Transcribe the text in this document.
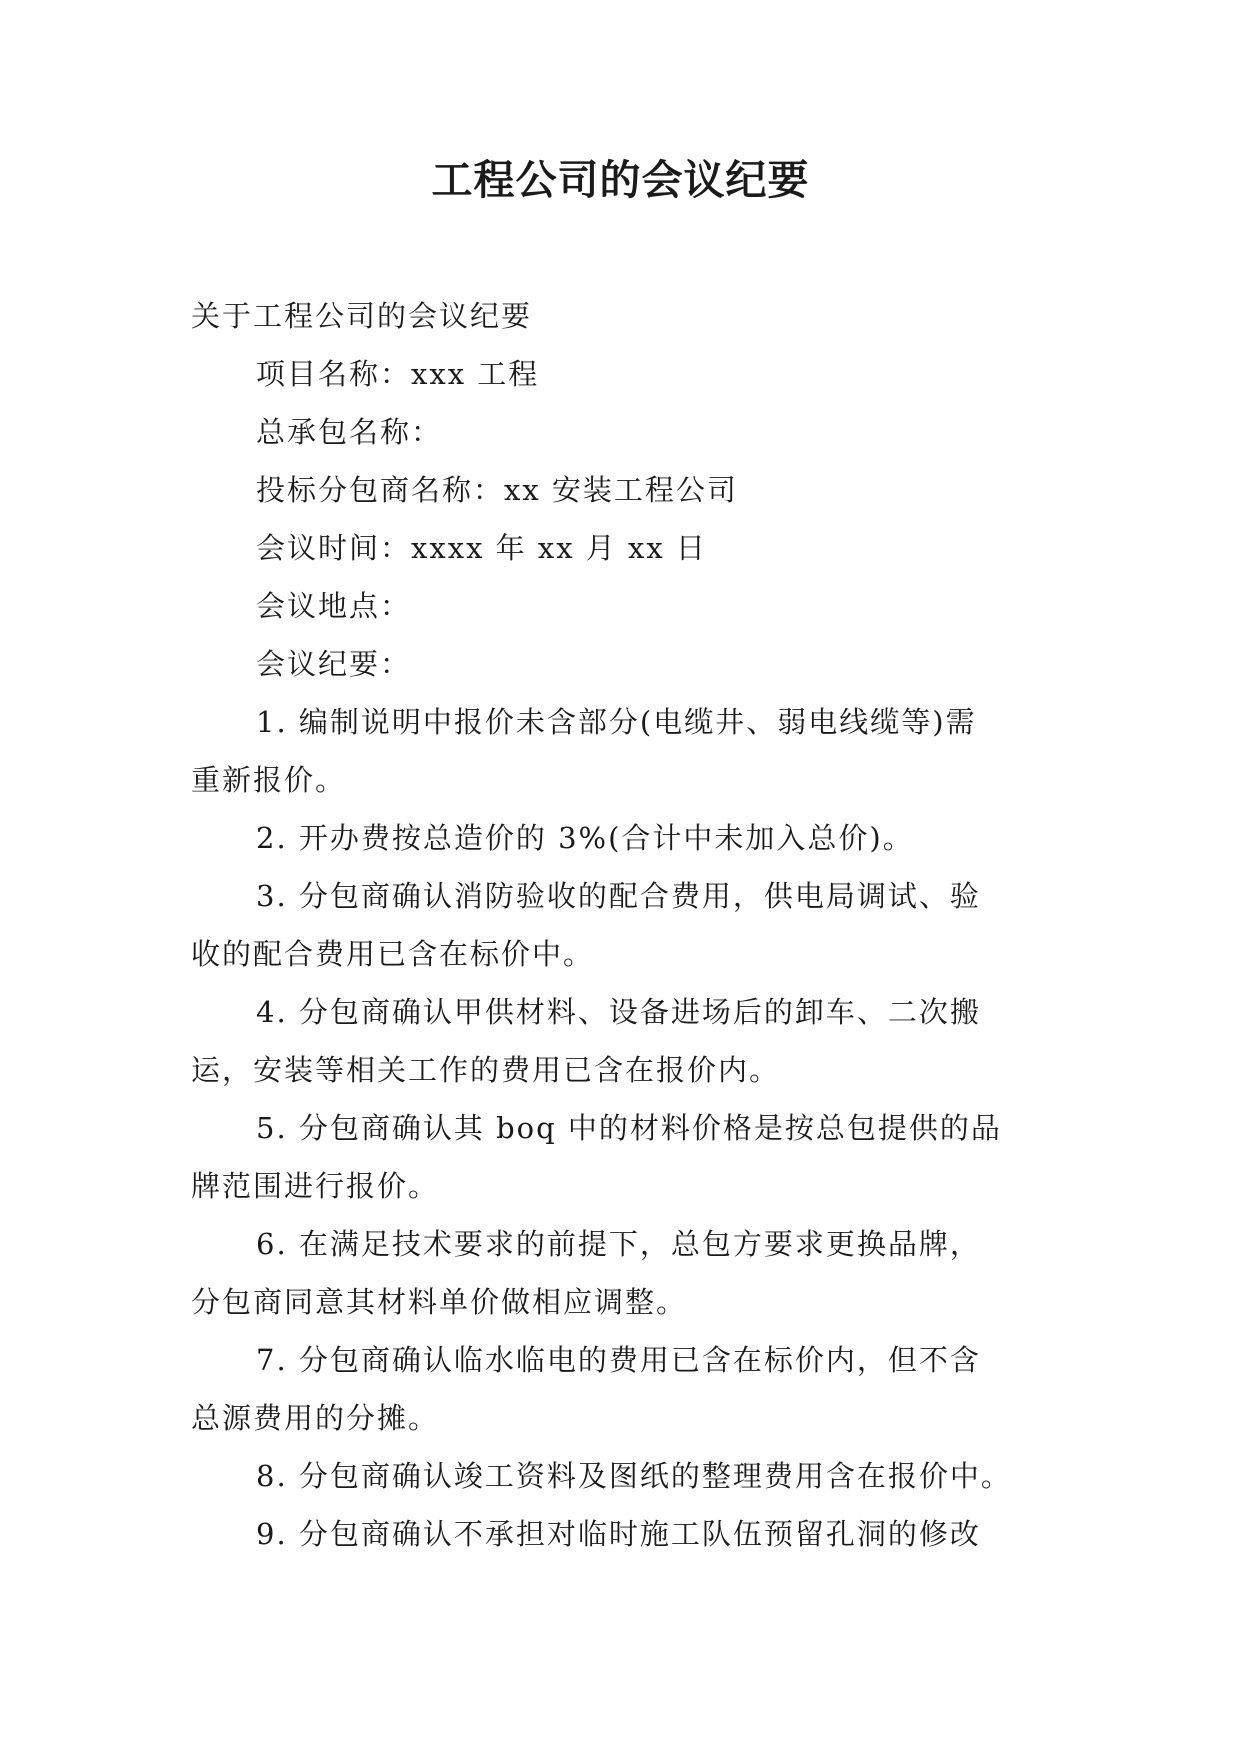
工程公司的会议纪要
关于工程公司的会议纪要
项目名称：xxx 工程
总承包名称：
投标分包商名称：xx 安装工程公司
会议时间：xxxx 年 xx 月 xx 日
会议地点：
会议纪要：
1. 编制说明中报价未含部分(电缆井、弱电线缆等)需
重新报价。
2. 开办费按总造价的 3%(合计中未加入总价)。
3. 分包商确认消防验收的配合费用，供电局调试、验
收的配合费用已含在标价中。
4. 分包商确认甲供材料、设备进场后的卸车、二次搬
运，安装等相关工作的费用已含在报价内。
5. 分包商确认其 boq 中的材料价格是按总包提供的品
牌范围进行报价。
6. 在满足技术要求的前提下，总包方要求更换品牌，
分包商同意其材料单价做相应调整。
7. 分包商确认临水临电的费用已含在标价内，但不含
总源费用的分摊。
8. 分包商确认竣工资料及图纸的整理费用含在报价中。
9. 分包商确认不承担对临时施工队伍预留孔洞的修改
